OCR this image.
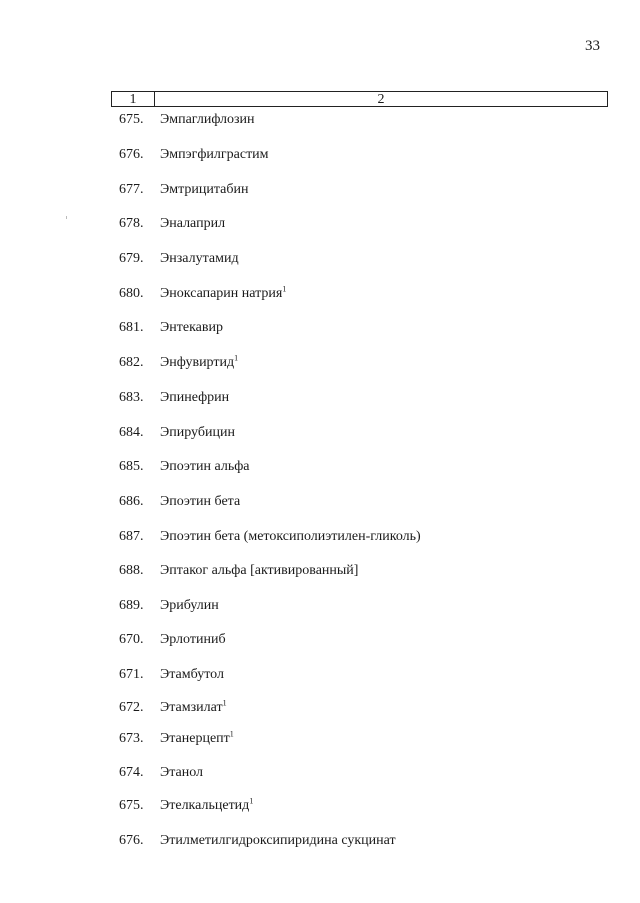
33
1	2
675. Эмпаглифлозин
676. Эмпэгфилграстим
677. Эмтрицитабин
678. Эналаприл
679. Энзалутамид
680. Эноксапарин натрия$^1$
681. Энтекавир
682. Энфувиртид$^1$
683. Эпинефрин
684. Эпирубицин
685. Эпоэтин альфа
686. Эпоэтин бета
687. Эпоэтин бета (метоксиполиэтилен-гликоль)
688. Эптаког альфа [активированный]
689. Эрибулин
670. Эрлотиниб
671. Этамбутол
672. Этамзилат$^1$
673. Этанерцепт$^1$
674. Этанол
675. Этелкальцетид$^1$
676. Этилметилгидроксипиридина сукцинат
